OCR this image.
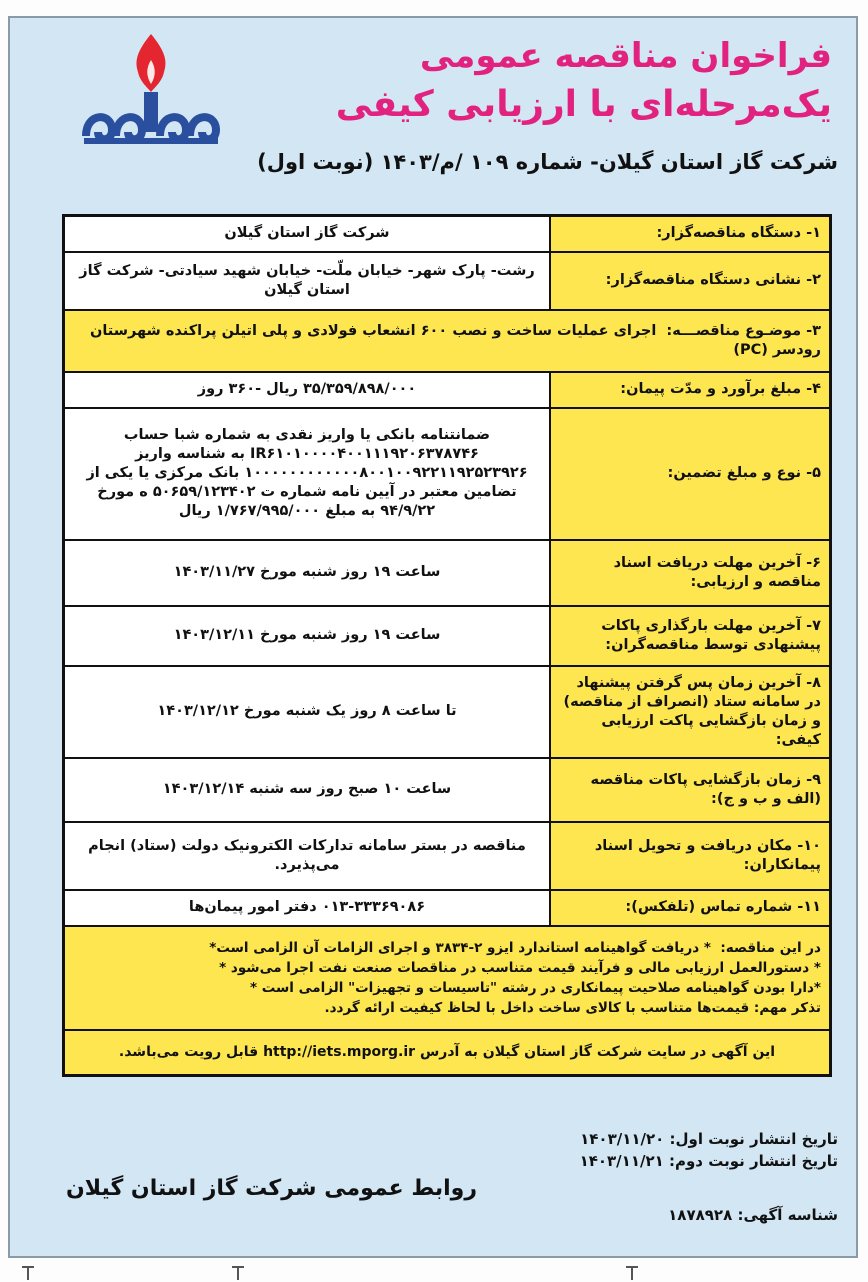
فراخوان مناقصه عمومی
یک‌مرحله‌ای با ارزیابی کیفی
شرکت گاز استان گیلان- شماره ۱۰۹ /م/۱۴۰۳ (نوبت اول)
۱- دستگاه مناقصه‌گزار:	شرکت گاز استان گیلان
۲- نشانی دستگاه مناقصه‌گزار:	رشت- پارک شهر- خیابان ملّت- خیابان شهید سیادتی- شرکت گاز استان گیلان
۳- موضـوع مناقصـــه:  اجرای عملیات ساخت و نصب ۶۰۰ انشعاب فولادی و پلی اتیلن پراکنده شهرستان رودسر (PC)	
۴- مبلغ برآورد و مدّت پیمان:	۳۵/۳۵۹/۸۹۸/۰۰۰ ریال -۳۶۰ روز
۵- نوع و مبلغ تضمین:	ضمانتنامه بانکی یا واریز نقدی به شماره شبا حساب IR۶۱۰۱۰۰۰۰۴۰۰۱۱۱۹۲۰۶۳۷۸۷۴۶ به شناسه واریز ۱۰۰۰۰۰۰۰۰۰۰۰۰۸۰۰۱۰۰۹۲۲۱۱۹۲۵۲۳۹۲۶ بانک مرکزی یا یکی از تضامین معتبر در آیین نامه شماره ت ۵۰۶۵۹/۱۲۳۴۰۲ ه مورخ ۹۴/۹/۲۲ به مبلغ ۱/۷۶۷/۹۹۵/۰۰۰ ریال
۶- آخرین مهلت دریافت اسناد مناقصه و ارزیابی:	ساعت ۱۹ روز شنبه مورخ ۱۴۰۳/۱۱/۲۷
۷- آخرین مهلت بارگذاری پاکات پیشنهادی توسط مناقصه‌گران:	ساعت ۱۹ روز شنبه مورخ ۱۴۰۳/۱۲/۱۱
۸- آخرین زمان پس گرفتن پیشنهاد در سامانه ستاد (انصراف از مناقصه) و زمان بازگشایی پاکت ارزیابی کیفی:	تا ساعت ۸ روز یک شنبه مورخ ۱۴۰۳/۱۲/۱۲
۹- زمان بازگشایی پاکات مناقصه (الف و ب و ج):	ساعت ۱۰ صبح روز سه شنبه ۱۴۰۳/۱۲/۱۴
۱۰- مکان دریافت و تحویل اسناد پیمانکاران:	مناقصه در بستر سامانه تدارکات الکترونیک دولت (ستاد) انجام می‌پذیرد.
۱۱- شماره تماس (تلفکس):	۰۱۳-۳۳۳۶۹۰۸۶ دفتر امور پیمان‌ها
در این مناقصه:  * دریافت گواهینامه استاندارد ایزو ۲-۳۸۳۴ و اجرای الزامات آن الزامی است*
* دستورالعمل ارزیابی مالی و فرآیند قیمت متناسب در مناقصات صنعت نفت اجرا می‌شود *
*دارا بودن گواهینامه صلاحیت پیمانکاری در رشته "تاسیسات و تجهیزات" الزامی است *
تذکر مهم: قیمت‌ها متناسب با کالای ساخت داخل با لحاظ کیفیت ارائه گردد.	
این آگهی در سایت شرکت گاز استان گیلان به آدرس http://iets.mporg.ir قابل رویت می‌باشد.	
تاریخ انتشار نوبت اول: ۱۴۰۳/۱۱/۲۰
تاریخ انتشار نوبت دوم: ۱۴۰۳/۱۱/۲۱
روابط عمومی شرکت گاز استان گیلان
شناسه آگهی: ۱۸۷۸۹۲۸
